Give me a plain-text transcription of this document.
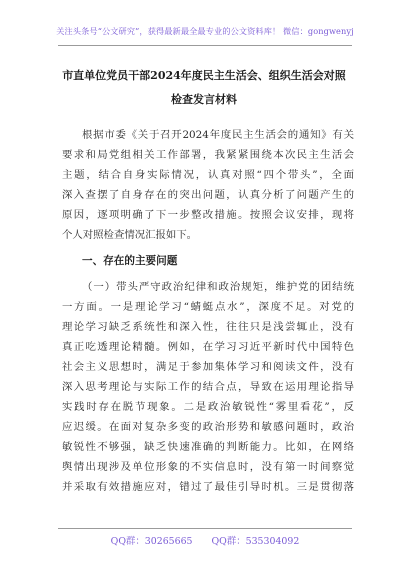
关注头条号“公文研究”，获得最新最全最专业的公文资料库！ 微信：gongwenyj
市直单位党员干部2024年度民主生活会、组织生活会对照
检查发言材料
根据市委《关于召开2024年度民主生活会的通知》有关
要求和局党组相关工作部署，我紧紧围绕本次民主生活会
主题，结合自身实际情况，认真对照“四个带头”，全面
深入查摆了自身存在的突出问题，认真分析了问题产生的
原因，逐项明确了下一步整改措施。按照会议安排，现将
个人对照检查情况汇报如下。
一、存在的主要问题
（一）带头严守政治纪律和政治规矩，维护党的团结统
一方面。一是理论学习“蜻蜓点水”，深度不足。对党的
理论学习缺乏系统性和深入性，往往只是浅尝辄止，没有
真正吃透理论精髓。例如，在学习习近平新时代中国特色
社会主义思想时，满足于参加集体学习和阅读文件，没有
深入思考理论与实际工作的结合点，导致在运用理论指导
实践时存在脱节现象。二是政治敏锐性“雾里看花”，反
应迟缓。在面对复杂多变的政治形势和敏感问题时，政治
敏锐性不够强，缺乏快速准确的判断能力。比如，在网络
舆情出现涉及单位形象的不实信息时，没有第一时间察觉
并采取有效措施应对，错过了最佳引导时机。三是贯彻落
QQ群：30265665 QQ群：535304092
